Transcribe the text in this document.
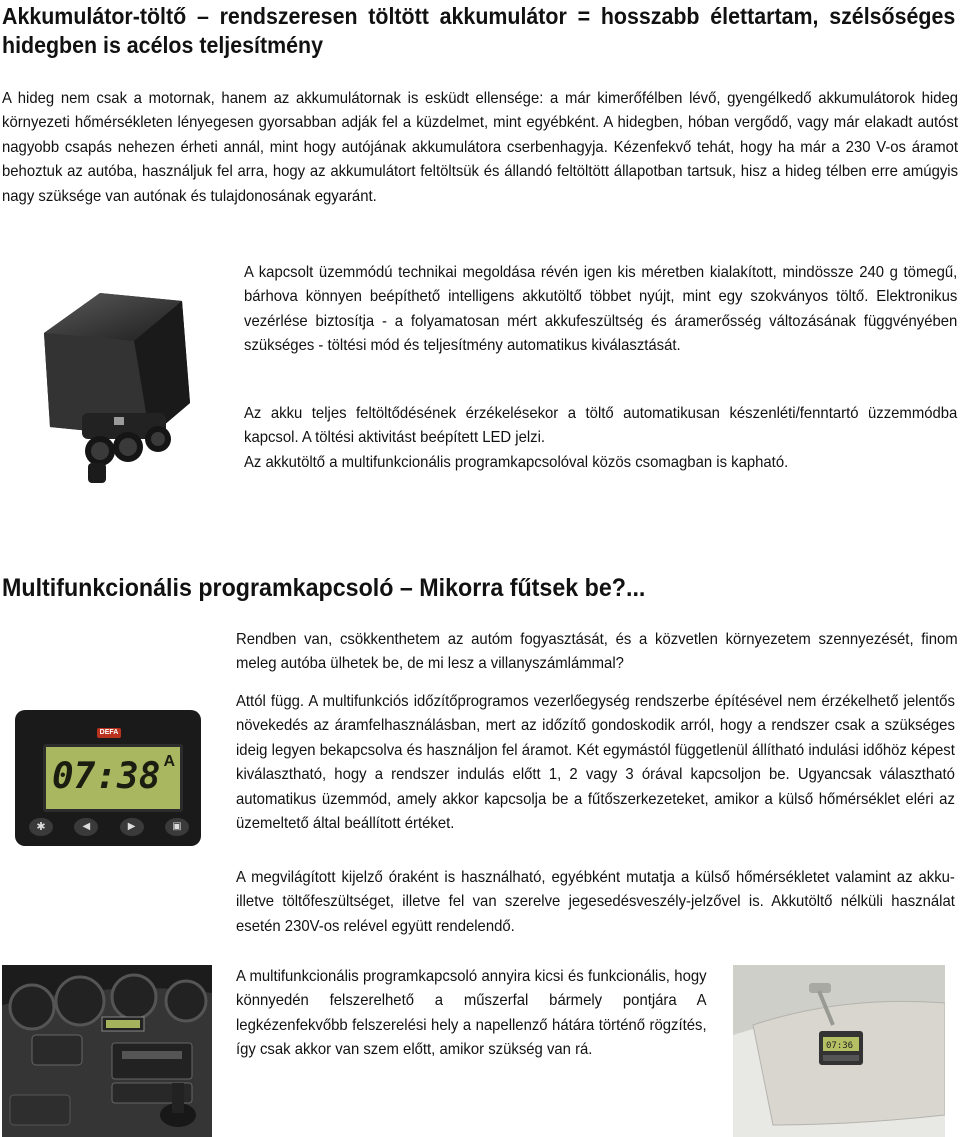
Akkumulátor-töltő – rendszeresen töltött akkumulátor = hosszabb élettartam, szélsőséges hidegben is acélos teljesítmény
A hideg nem csak a motornak, hanem az akkumulátornak is esküdt ellensége: a már kimerőfélben lévő, gyengélkedő akkumulátorok hideg környezeti hőmérsékleten lényegesen gyorsabban adják fel a küzdelmet, mint egyébként. A hidegben, hóban vergődő, vagy már elakadt autóst nagyobb csapás nehezen érheti annál, mint hogy autójának akkumulátora cserbenhagyja. Kézenfekvő tehát, hogy ha már a 230 V-os áramot behoztuk az autóba, használjuk fel arra, hogy az akkumulátort feltöltsük és állandó feltöltött állapotban tartsuk, hisz a hideg télben erre amúgyis nagy szüksége van autónak és tulajdonosának egyaránt.
A kapcsolt üzemmódú technikai megoldása révén igen kis méretben kialakított, mindössze 240 g tömegű, bárhova könnyen beépíthető intelligens akkutöltő többet nyújt, mint egy szokványos töltő. Elektronikus vezérlése biztosítja - a folyamatosan mért akkufeszültség és áramerősség változásának függvényében szükséges - töltési mód és teljesítmény automatikus kiválasztását.
Az akku teljes feltöltődésének érzékelésekor a töltő automatikusan készenléti/fenntartó üzzemmódba kapcsol. A töltési aktivitást beépített LED jelzi.
Az akkutöltő a multifunkcionális programkapcsolóval közös csomagban is kapható.
Multifunkcionális programkapcsoló – Mikorra fűtsek be?...
Rendben van, csökkenthetem az autóm fogyasztását, és a közvetlen környezetem szennyezését, finom meleg autóba ülhetek be, de mi lesz a villanyszámlámmal?
DEFA
07:38 A
✱	◀	▶	▣
Attól függ. A multifunkciós időzítőprogramos vezerlőegység rendszerbe építésével nem érzékelhető jelentős növekedés az áramfelhasználásban, mert az időzítő gondoskodik arról, hogy a rendszer csak a szükséges ideig legyen bekapcsolva és használjon fel áramot. Két egymástól függetlenül állítható indulási időhöz képest kiválasztható, hogy a rendszer indulás előtt 1, 2 vagy 3 órával kapcsoljon be. Ugyancsak választható automatikus üzemmód, amely akkor kapcsolja be a fűtőszerkezeteket, amikor a külső hőmérséklet eléri az üzemeltető által beállított értéket.
A megvilágított kijelző óraként is használható, egyébként mutatja a külső hőmérsékletet valamint az akku- illetve töltőfeszültséget, illetve fel van szerelve jegesedésveszély-jelzővel is. Akkutöltő nélküli használat esetén 230V-os relével együtt rendelendő.
A multifunkcionális programkapcsoló annyira kicsi és funkcionális, hogy könnyedén felszerelhető a műszerfal bármely pontjára A legkézenfekvőbb felszerelési hely a napellenző hátára történő rögzítés, így csak akkor van szem előtt, amikor szükség van rá.	07:36
